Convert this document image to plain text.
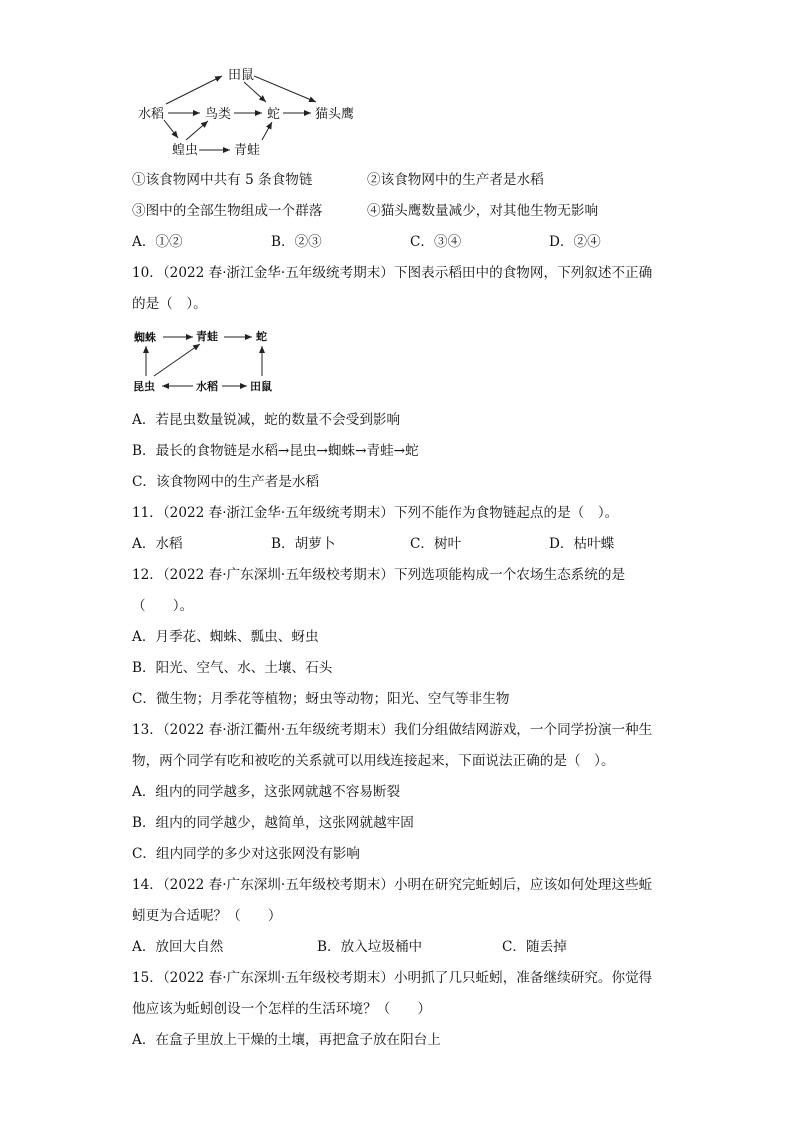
水稻
田鼠
鸟类	蛇	猫头鹰
蝗虫	青蛙
①该食物网中共有 5 条食物链	②该食物网中的生产者是水稻
③图中的全部生物组成一个群落	④猫头鹰数量减少，对其他生物无影响
A．①②	B．②③	C．③④	D．②④
10．（2022 春·浙江金华·五年级统考期末）下图表示稻田中的食物网，下列叙述不正确
的是（　）。
蜘蛛	青蛙	蛇
昆虫	水稻	田鼠
A．若昆虫数量锐减，蛇的数量不会受到影响
B．最长的食物链是水稻→昆虫→蜘蛛→青蛙→蛇
C．该食物网中的生产者是水稻
11．（2022 春·浙江金华·五年级统考期末）下列不能作为食物链起点的是（　）。
A．水稻	B．胡萝卜	C．树叶	D．枯叶蝶
12．（2022 春·广东深圳·五年级校考期末）下列选项能构成一个农场生态系统的是
（　　）。
A．月季花、蜘蛛、瓢虫、蚜虫
B．阳光、空气、水、土壤、石头
C．微生物；月季花等植物；蚜虫等动物；阳光、空气等非生物
13．（2022 春·浙江衢州·五年级统考期末）我们分组做结网游戏，一个同学扮演一种生
物，两个同学有吃和被吃的关系就可以用线连接起来，下面说法正确的是（　）。
A．组内的同学越多，这张网就越不容易断裂
B．组内的同学越少，越简单，这张网就越牢固
C．组内同学的多少对这张网没有影响
14．（2022 春·广东深圳·五年级校考期末）小明在研究完蚯蚓后，应该如何处理这些蚯
蚓更为合适呢？（　　）
A．放回大自然	B．放入垃圾桶中	C．随丢掉
15．（2022 春·广东深圳·五年级校考期末）小明抓了几只蚯蚓，准备继续研究。你觉得
他应该为蚯蚓创设一个怎样的生活环境？（　　）
A．在盒子里放上干燥的土壤，再把盒子放在阳台上
